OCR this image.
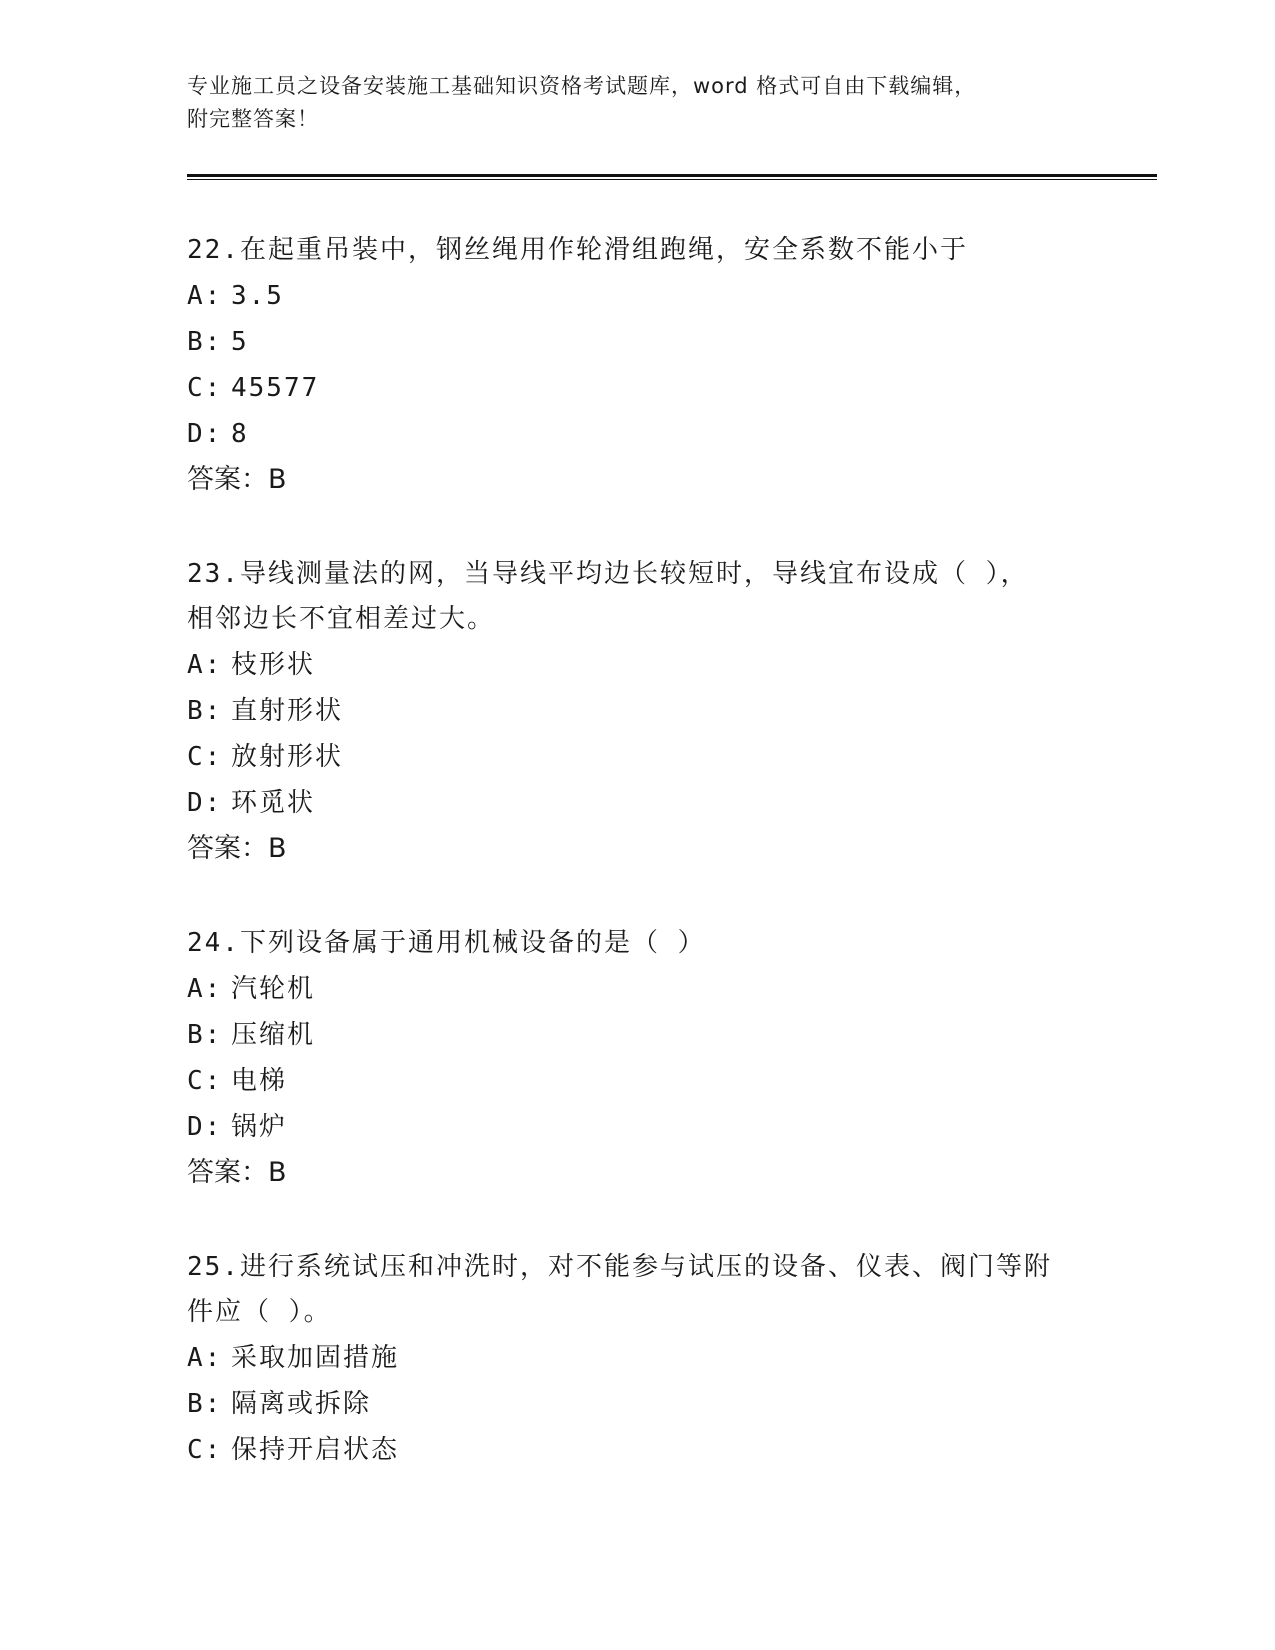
专业施工员之设备安装施工基础知识资格考试题库，word 格式可自由下载编辑，

附完整答案！

22.在起重吊装中，钢丝绳用作轮滑组跑绳，安全系数不能小于

A: 3.5

B: 5

C: 45577

D: 8

答案：B

23.导线测量法的网，当导线平均边长较短时，导线宜布设成（ ），

相邻边长不宜相差过大。

A: 枝形状

B: 直射形状

C: 放射形状

D: 环觅状

答案：B

24.下列设备属于通用机械设备的是（ ）

A: 汽轮机

B: 压缩机

C: 电梯

D: 锅炉

答案：B

25.进行系统试压和冲洗时，对不能参与试压的设备、仪表、阀门等附

件应（ ）。

A: 采取加固措施

B: 隔离或拆除

C: 保持开启状态
